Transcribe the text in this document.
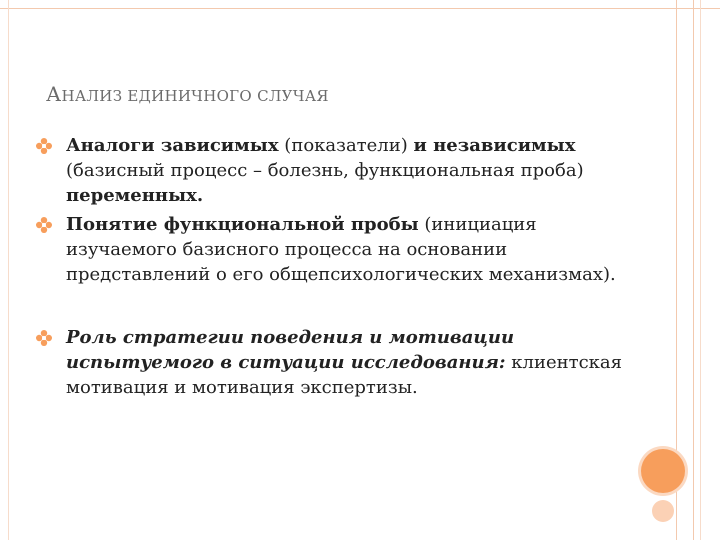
АНАЛИЗ ЕДИНИЧНОГО СЛУЧАЯ
Аналоги зависимых (показатели) и независимых (базисный процесс – болезнь, функциональная проба) переменных.
Понятие функциональной пробы (инициация изучаемого базисного процесса на основании представлений о его общепсихологических механизмах).
Роль стратегии поведения и мотивации испытуемого в ситуации исследования: клиентская мотивация и мотивация экспертизы.
